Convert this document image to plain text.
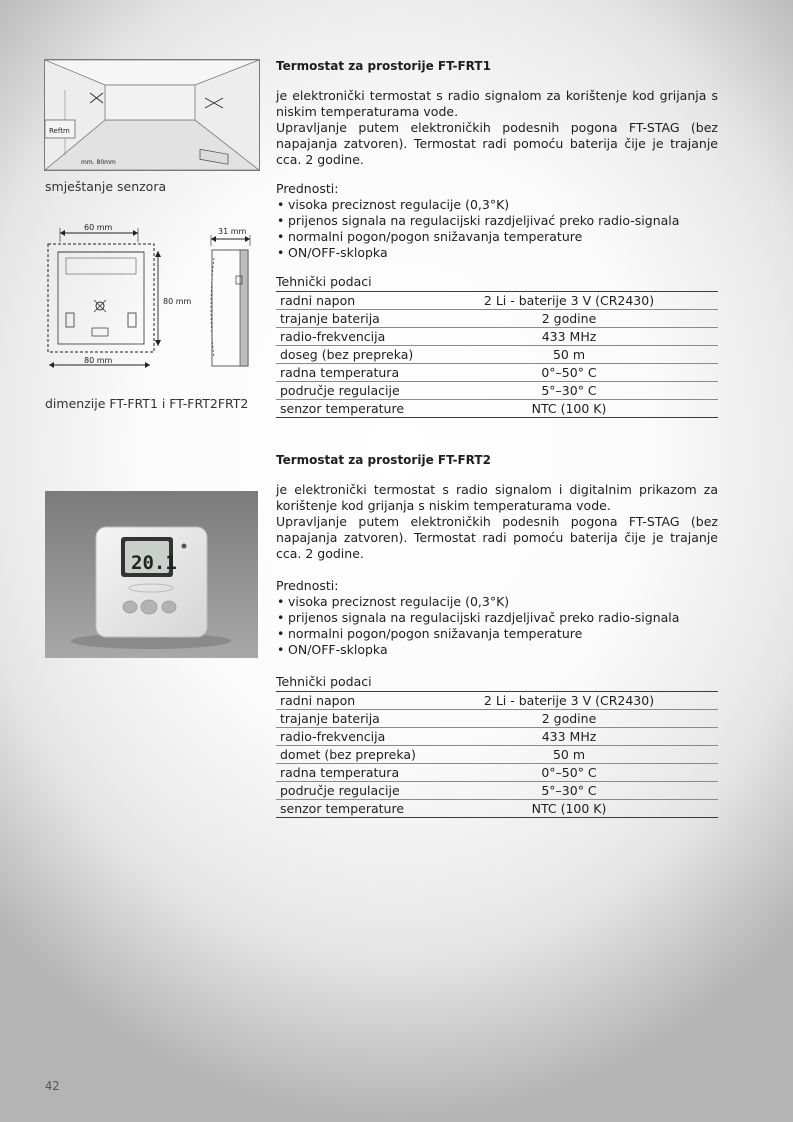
Reftm
mm. 80mm
smještanje senzora
60 mm
80 mm
80 mm
31 mm
dimenzije FT-FRT1 i FT-FRT2FRT2
20.1
Termostat za prostorije FT-FRT1

je elektronički termostat s radio signalom za korištenje kod grijanja s niskim temperaturama vode.

Upravljanje putem elektroničkih podesnih pogona FT-STAG (bez napajanja zatvoren). Termostat radi pomoću baterija čije je trajanje cca. 2 godine.

Prednosti:

• visoka preciznost regulacije (0,3°K)
• prijenos signala na regulacijski razdjeljivać preko radio-signala
• normalni pogon/pogon snižavanja temperature
• ON/OFF-sklopka

Tehnički podaci

radni napon	2 Li - baterije 3 V (CR2430)
trajanje baterija	2 godine
radio-frekvencija	433 MHz
doseg (bez prepreka)	50 m
radna temperatura	0°–50° C
područje regulacije	5°–30° C
senzor temperature	NTC (100 K)
Termostat za prostorije FT-FRT2

je elektronički termostat s radio signalom i digitalnim prikazom za korištenje kod grijanja s niskim temperaturama vode.

Upravljanje putem elektroničkih podesnih pogona FT-STAG (bez napajanja zatvoren). Termostat radi pomoću baterija čije je trajanje cca. 2 godine.

Prednosti:

• visoka preciznost regulacije (0,3°K)
• prijenos signala na regulacijski razdjeljivač preko radio-signala
• normalni pogon/pogon snižavanja temperature
• ON/OFF-sklopka

Tehnički podaci

radni napon	2 Li - baterije 3 V (CR2430)
trajanje baterija	2 godine
radio-frekvencija	433 MHz
domet (bez prepreka)	50 m
radna temperatura	0°–50° C
područje regulacije	5°–30° C
senzor temperature	NTC (100 K)
42
